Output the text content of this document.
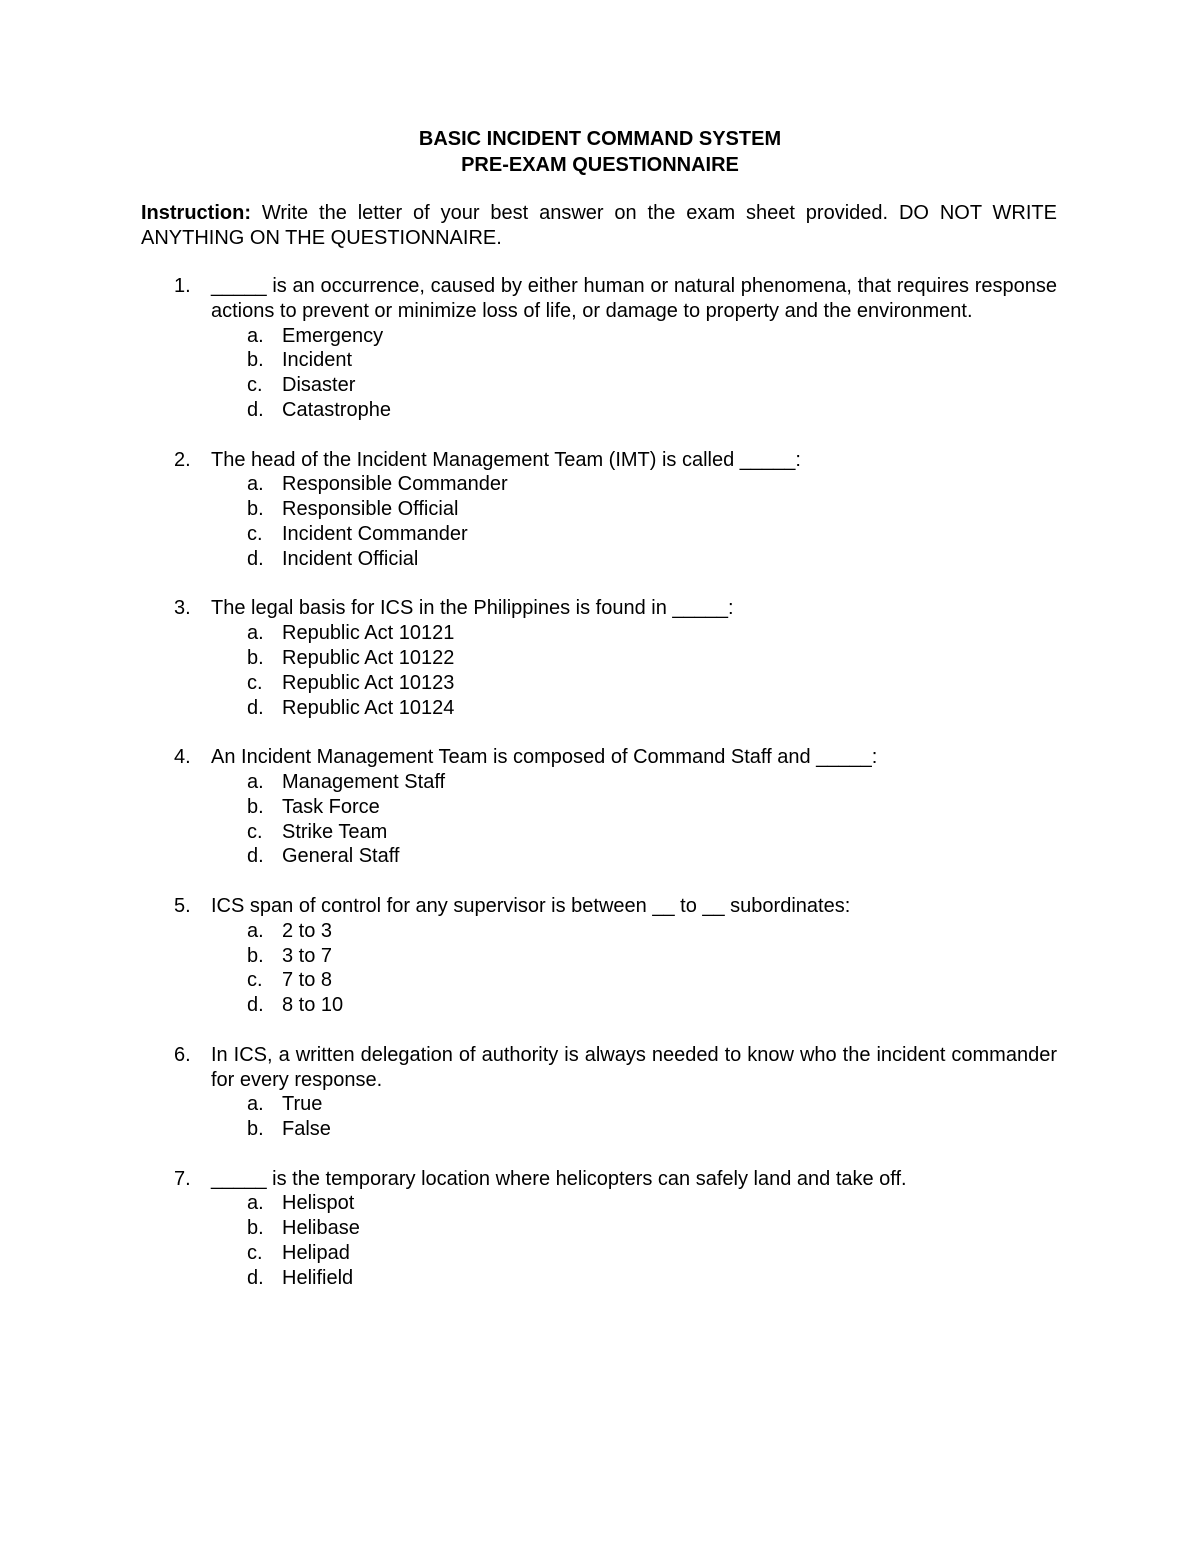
BASIC INCIDENT COMMAND SYSTEM
PRE-EXAM QUESTIONNAIRE

Instruction: Write the letter of your best answer on the exam sheet provided. DO NOT WRITE ANYTHING ON THE QUESTIONNAIRE.

1.	_____ is an occurrence, caused by either human or natural phenomena, that requires response actions to prevent or minimize loss of life, or damage to property and the environment.
a. Emergency
b. Incident
c. Disaster
d. Catastrophe
2.	The head of the Incident Management Team (IMT) is called _____:
a. Responsible Commander
b. Responsible Official
c. Incident Commander
d. Incident Official
3.	The legal basis for ICS in the Philippines is found in _____:
a. Republic Act 10121
b. Republic Act 10122
c. Republic Act 10123
d. Republic Act 10124
4.	An Incident Management Team is composed of Command Staff and _____:
a. Management Staff
b. Task Force
c. Strike Team
d. General Staff
5.	ICS span of control for any supervisor is between __ to __ subordinates:
a. 2 to 3
b. 3 to 7
c. 7 to 8
d. 8 to 10
6.	In ICS, a written delegation of authority is always needed to know who the incident commander for every response.
a. True
b. False
7.	_____ is the temporary location where helicopters can safely land and take off.
a. Helispot
b. Helibase
c. Helipad
d. Helifield
